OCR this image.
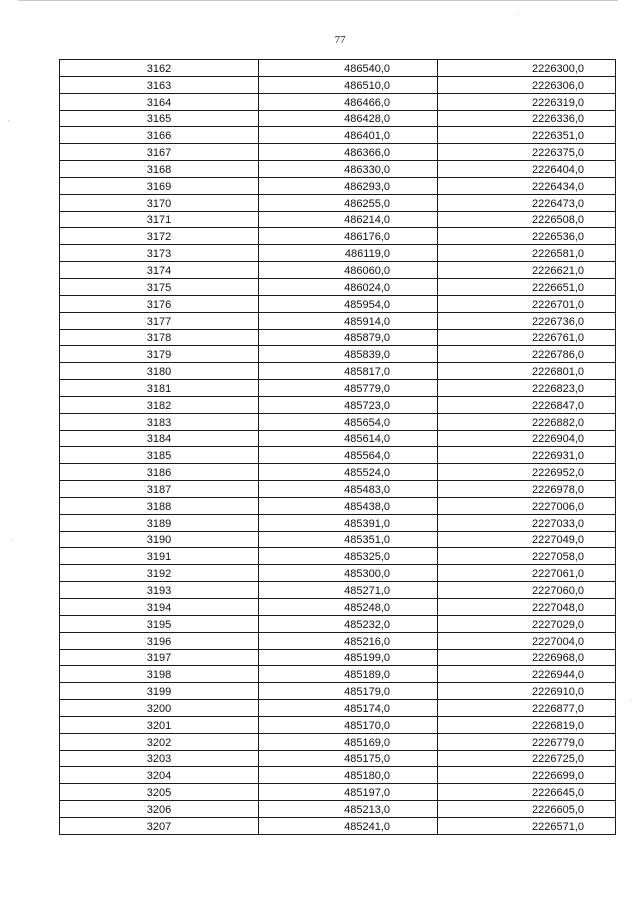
77
3162	486540,0	2226300,0
3163	486510,0	2226306,0
3164	486466,0	2226319,0
3165	486428,0	2226336,0
3166	486401,0	2226351,0
3167	486366,0	2226375,0
3168	486330,0	2226404,0
3169	486293,0	2226434,0
3170	486255,0	2226473,0
3171	486214,0	2226508,0
3172	486176,0	2226536,0
3173	486119,0	2226581,0
3174	486060,0	2226621,0
3175	486024,0	2226651,0
3176	485954,0	2226701,0
3177	485914,0	2226736,0
3178	485879,0	2226761,0
3179	485839,0	2226786,0
3180	485817,0	2226801,0
3181	485779,0	2226823,0
3182	485723,0	2226847,0
3183	485654,0	2226882,0
3184	485614,0	2226904,0
3185	485564,0	2226931,0
3186	485524,0	2226952,0
3187	485483,0	2226978,0
3188	485438,0	2227006,0
3189	485391,0	2227033,0
3190	485351,0	2227049,0
3191	485325,0	2227058,0
3192	485300,0	2227061,0
3193	485271,0	2227060,0
3194	485248,0	2227048,0
3195	485232,0	2227029,0
3196	485216,0	2227004,0
3197	485199,0	2226968,0
3198	485189,0	2226944,0
3199	485179,0	2226910,0
3200	485174,0	2226877,0
3201	485170,0	2226819,0
3202	485169,0	2226779,0
3203	485175,0	2226725,0
3204	485180,0	2226699,0
3205	485197,0	2226645,0
3206	485213,0	2226605,0
3207	485241,0	2226571,0
